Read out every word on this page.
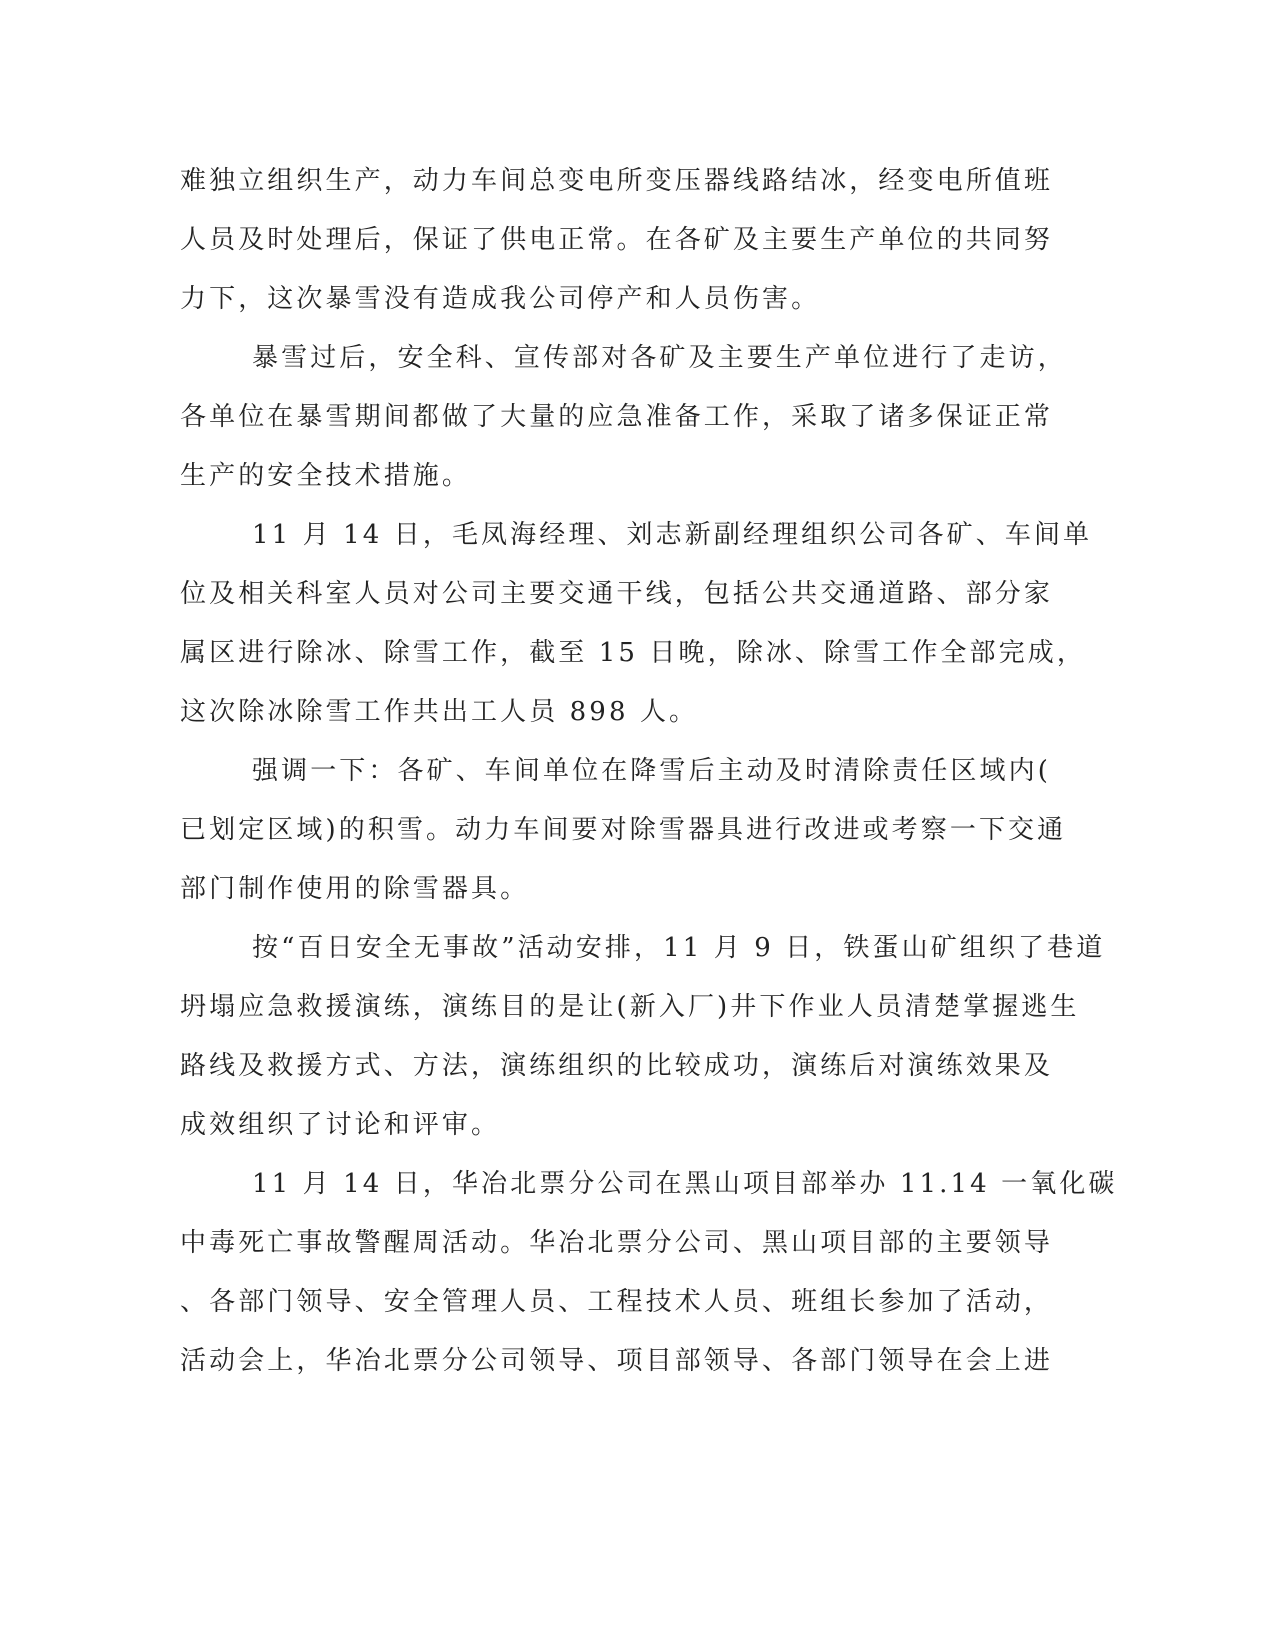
难独立组织生产，动力车间总变电所变压器线路结冰，经变电所值班
人员及时处理后，保证了供电正常。在各矿及主要生产单位的共同努
力下，这次暴雪没有造成我公司停产和人员伤害。
暴雪过后，安全科、宣传部对各矿及主要生产单位进行了走访，
各单位在暴雪期间都做了大量的应急准备工作，采取了诸多保证正常
生产的安全技术措施。
11 月 14 日，毛凤海经理、刘志新副经理组织公司各矿、车间单
位及相关科室人员对公司主要交通干线，包括公共交通道路、部分家
属区进行除冰、除雪工作，截至 15 日晚，除冰、除雪工作全部完成，
这次除冰除雪工作共出工人员 898 人。
强调一下：各矿、车间单位在降雪后主动及时清除责任区域内(
已划定区域)的积雪。动力车间要对除雪器具进行改进或考察一下交通
部门制作使用的除雪器具。
按“百日安全无事故”活动安排，11 月 9 日，铁蛋山矿组织了巷道
坍塌应急救援演练，演练目的是让(新入厂)井下作业人员清楚掌握逃生
路线及救援方式、方法，演练组织的比较成功，演练后对演练效果及
成效组织了讨论和评审。
11 月 14 日，华冶北票分公司在黑山项目部举办 11.14 一氧化碳
中毒死亡事故警醒周活动。华冶北票分公司、黑山项目部的主要领导
、各部门领导、安全管理人员、工程技术人员、班组长参加了活动，
活动会上，华冶北票分公司领导、项目部领导、各部门领导在会上进
